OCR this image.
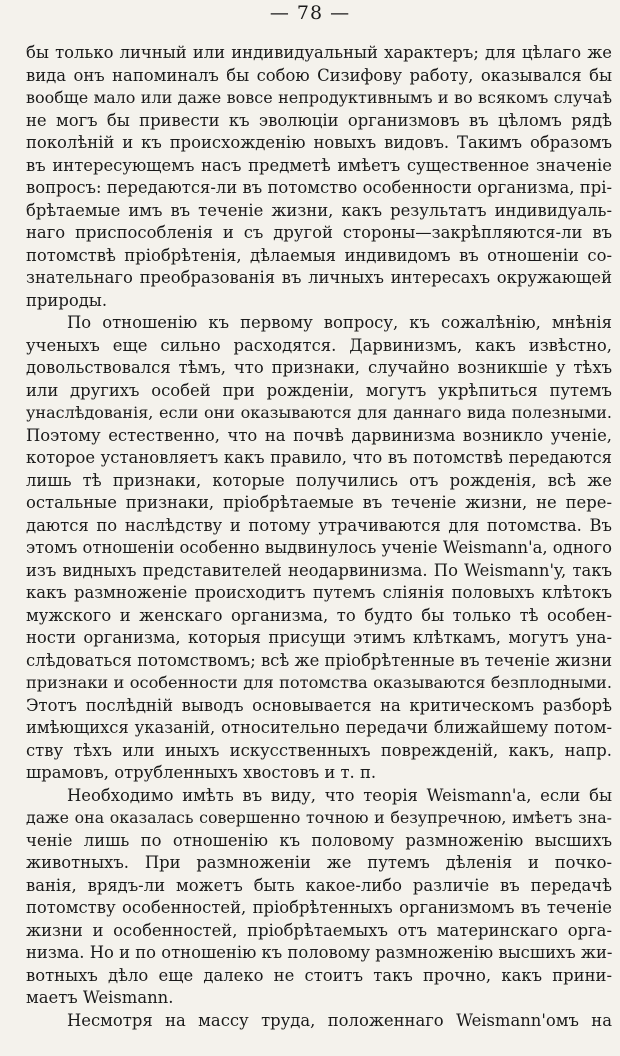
— 78 —
бы только личный или индивидуальный характеръ; для цѣлаго же
вида онъ напоминалъ бы собою Сизифову работу, оказывался бы
вообще мало или даже вовсе непродуктивнымъ и во всякомъ случаѣ
не могъ бы привести къ эволюціи организмовъ въ цѣломъ рядѣ
поколѣній и къ происхожденію новыхъ видовъ. Такимъ образомъ
въ интересующемъ насъ предметѣ имѣетъ существенное значеніе
вопросъ: передаются-ли въ потомство особенности организма, прі-
брѣтаемые имъ въ теченіе жизни, какъ результатъ индивидуаль-
наго приспособленія и съ другой стороны—закрѣпляются-ли въ
потомствѣ пріобрѣтенія, дѣлаемыя индивидомъ въ отношеніи со-
знательнаго преобразованія въ личныхъ интересахъ окружающей
природы.
По отношенію къ первому вопросу, къ сожалѣнію, мнѣнія
ученыхъ еще сильно расходятся. Дарвинизмъ, какъ извѣстно,
довольствовался тѣмъ, что признаки, случайно возникшіе у тѣхъ
или другихъ особей при рожденіи, могутъ укрѣпиться путемъ
унаслѣдованія, если они оказываются для даннаго вида полезными.
Поэтому естественно, что на почвѣ дарвинизма возникло ученіе,
которое установляетъ какъ правило, что въ потомствѣ передаются
лишь тѣ признаки, которые получились отъ рожденія, всѣ же
остальные признаки, пріобрѣтаемые въ теченіе жизни, не пере-
даются по наслѣдству и потому утрачиваются для потомства. Въ
этомъ отношеніи особенно выдвинулось ученіе Weismann'a, одного
изъ видныхъ представителей неодарвинизма. По Weismann'y, такъ
какъ размноженіе происходитъ путемъ слiянія половыхъ клѣтокъ
мужского и женскаго организма, то будто бы только тѣ особен-
ности организма, которыя присущи этимъ клѣткамъ, могутъ уна-
слѣдоваться потомствомъ; всѣ же пріобрѣтенные въ теченіе жизни
признаки и особенности для потомства оказываются безплодными.
Этотъ послѣдній выводъ основывается на критическомъ разборѣ
имѣющихся указаній, относительно передачи ближайшему потом-
ству тѣхъ или иныхъ искусственныхъ поврежденій, какъ, напр.
шрамовъ, отрубленныхъ хвостовъ и т. п.
Необходимо имѣть въ виду, что теорія Weismann'a, если бы
даже она оказалась совершенно точною и безупречною, имѣетъ зна-
ченіе лишь по отношенію къ половому размноженію высшихъ
животныхъ. При размноженіи же путемъ дѣленія и почко-
ванія, врядъ-ли можетъ быть какое-либо различіе въ передачѣ
потомству особенностей, пріобрѣтенныхъ организмомъ въ теченіе
жизни и особенностей, пріобрѣтаемыхъ отъ материнскаго орга-
низма. Но и по отношенію къ половому размноженію высшихъ жи-
вотныхъ дѣло еще далеко не стоитъ такъ прочно, какъ прини-
маетъ Weismann.
Несмотря на массу труда, положеннаго Weismann'омъ на
